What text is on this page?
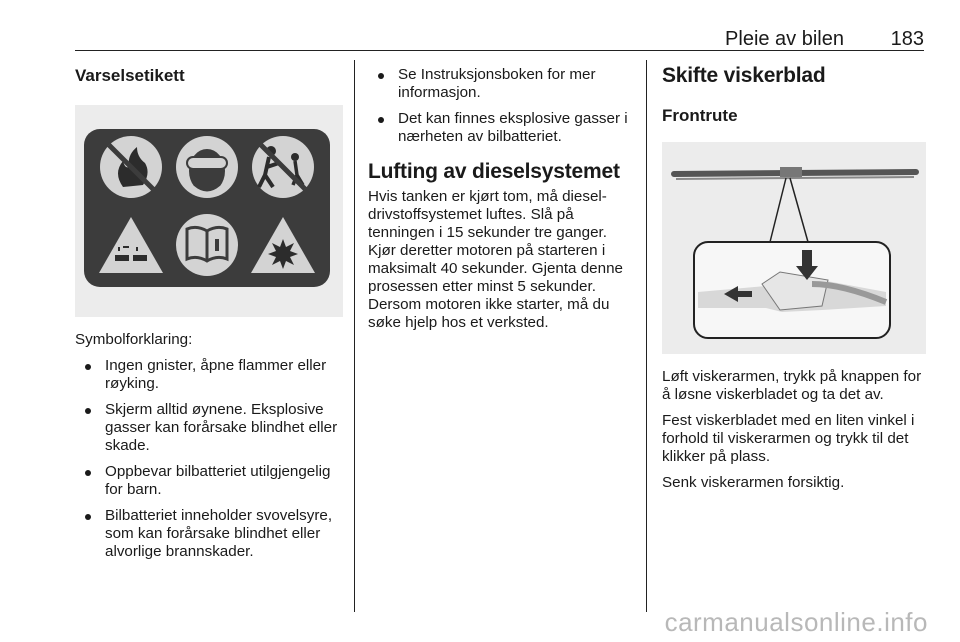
Pleie av bilen 183
Varselsetikett
Symbolforklaring:
Ingen gnister, åpne flammer eller røyking.
Skjerm alltid øynene. Eksplosive gasser kan forårsake blindhet eller skade.
Oppbevar bilbatteriet utilgjengelig for barn.
Bilbatteriet inneholder svovelsyre, som kan forårsake blindhet eller alvorlige brannskader.
Se Instruksjonsboken for mer informasjon.
Det kan finnes eksplosive gasser i nærheten av bilbatteriet.
Lufting av dieselsystemet
Hvis tanken er kjørt tom, må dieseldrivstoffsystemet luftes. Slå på tenningen i 15 sekunder tre ganger. Kjør deretter motoren på starteren i maksimalt 40 sekunder. Gjenta denne prosessen etter minst 5 sekunder. Dersom motoren ikke starter, må du søke hjelp hos et verksted.
Skifte viskerblad
Frontrute
Løft viskerarmen, trykk på knappen for å løsne viskerbladet og ta det av.
Fest viskerbladet med en liten vinkel i forhold til viskerarmen og trykk til det klikker på plass.
Senk viskerarmen forsiktig.
carmanualsonline.info
